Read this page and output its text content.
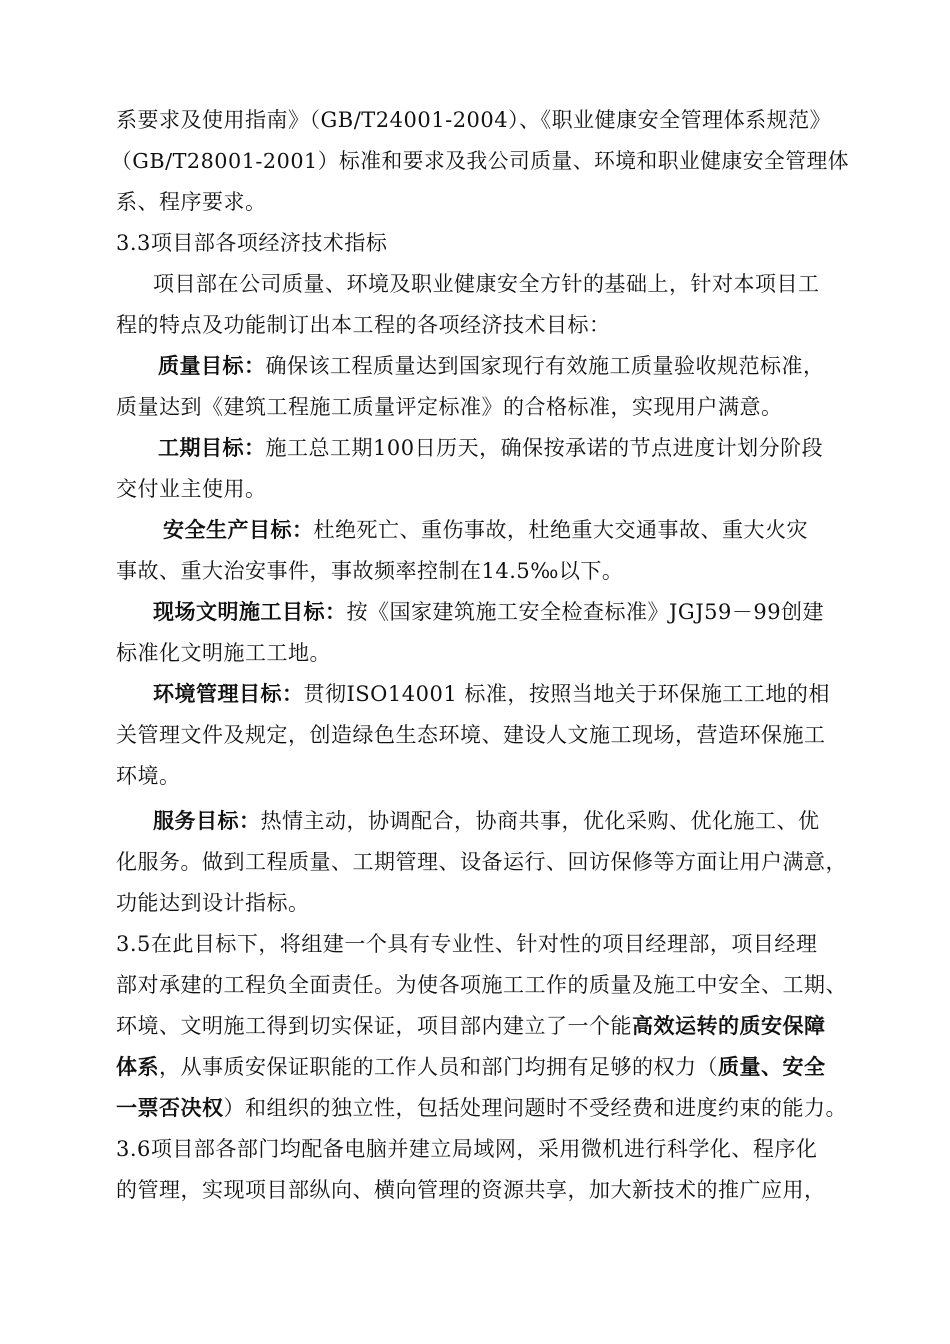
系要求及使用指南》（GB/T24001-2004）、《职业健康安全管理体系规范》
（GB/T28001-2001）标准和要求及我公司质量、环境和职业健康安全管理体
系、程序要求。
3.3项目部各项经济技术指标
项目部在公司质量、环境及职业健康安全方针的基础上，针对本项目工
程的特点及功能制订出本工程的各项经济技术目标：
质量目标：确保该工程质量达到国家现行有效施工质量验收规范标准，
质量达到《建筑工程施工质量评定标准》的合格标准，实现用户满意。
工期目标：施工总工期100日历天，确保按承诺的节点进度计划分阶段
交付业主使用。
安全生产目标：杜绝死亡、重伤事故，杜绝重大交通事故、重大火灾
事故、重大治安事件，事故频率控制在14.5‰以下。
现场文明施工目标：按《国家建筑施工安全检查标准》JGJ59－99创建
标准化文明施工工地。
环境管理目标：贯彻ISO14001 标准，按照当地关于环保施工工地的相
关管理文件及规定，创造绿色生态环境、建设人文施工现场，营造环保施工
环境。
服务目标：热情主动，协调配合，协商共事，优化采购、优化施工、优
化服务。做到工程质量、工期管理、设备运行、回访保修等方面让用户满意，
功能达到设计指标。
3.5在此目标下，将组建一个具有专业性、针对性的项目经理部，项目经理
部对承建的工程负全面责任。为使各项施工工作的质量及施工中安全、工期、
环境、文明施工得到切实保证，项目部内建立了一个能高效运转的质安保障
体系，从事质安保证职能的工作人员和部门均拥有足够的权力（质量、安全
一票否决权）和组织的独立性，包括处理问题时不受经费和进度约束的能力。
3.6项目部各部门均配备电脑并建立局域网，采用微机进行科学化、程序化
的管理，实现项目部纵向、横向管理的资源共享，加大新技术的推广应用，
